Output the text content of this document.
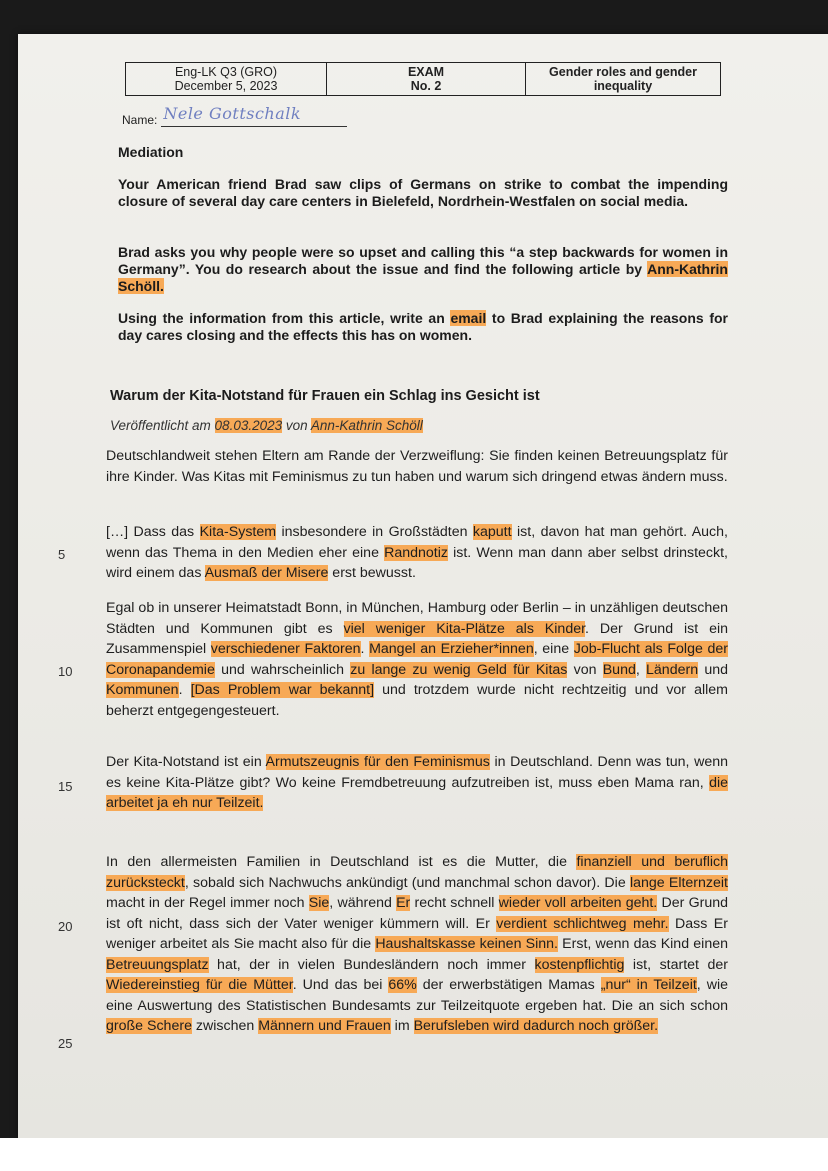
Eng-LK Q3 (GRO)
December 5, 2023
EXAM
No. 2
Gender roles and gender
inequality
Name: Nele Gottschalk
Mediation
Your American friend Brad saw clips of Germans on strike to combat the impending closure of several day care centers in Bielefeld, Nordrhein-Westfalen on social media.
Brad asks you why people were so upset and calling this “a step backwards for women in Germany”. You do research about the issue and find the following article by Ann-Kathrin Schöll.
Using the information from this article, write an email to Brad explaining the reasons for day cares closing and the effects this has on women.
Warum der Kita-Notstand für Frauen ein Schlag ins Gesicht ist
Veröffentlicht am 08.03.2023 von Ann-Kathrin Schöll
Deutschlandweit stehen Eltern am Rande der Verzweiflung: Sie finden keinen Betreuungsplatz für ihre Kinder. Was Kitas mit Feminismus zu tun haben und warum sich dringend etwas ändern muss.
[…] Dass das Kita-System insbesondere in Großstädten kaputt ist, davon hat man gehört. Auch, wenn das Thema in den Medien eher eine Randnotiz ist. Wenn man dann aber selbst drinsteckt, wird einem das Ausmaß der Misere erst bewusst.
Egal ob in unserer Heimatstadt Bonn, in München, Hamburg oder Berlin – in unzähligen deutschen Städten und Kommunen gibt es viel weniger Kita-Plätze als Kinder. Der Grund ist ein Zusammenspiel verschiedener Faktoren. Mangel an Erzieher*innen, eine Job-Flucht als Folge der Coronapandemie und wahrscheinlich zu lange zu wenig Geld für Kitas von Bund, Ländern und Kommunen. [Das Problem war bekannt] und trotzdem wurde nicht rechtzeitig und vor allem beherzt entgegengesteuert.
Der Kita-Notstand ist ein Armutszeugnis für den Feminismus in Deutschland. Denn was tun, wenn es keine Kita-Plätze gibt? Wo keine Fremdbetreuung aufzutreiben ist, muss eben Mama ran, die arbeitet ja eh nur Teilzeit.
In den allermeisten Familien in Deutschland ist es die Mutter, die finanziell und beruflich zurücksteckt, sobald sich Nachwuchs ankündigt (und manchmal schon davor). Die lange Elternzeit macht in der Regel immer noch Sie, während Er recht schnell wieder voll arbeiten geht. Der Grund ist oft nicht, dass sich der Vater weniger kümmern will. Er verdient schlichtweg mehr. Dass Er weniger arbeitet als Sie macht also für die Haushaltskasse keinen Sinn. Erst, wenn das Kind einen Betreuungsplatz hat, der in vielen Bundesländern noch immer kostenpflichtig ist, startet der Wiedereinstieg für die Mütter. Und das bei 66% der erwerbstätigen Mamas „nur“ in Teilzeit, wie eine Auswertung des Statistischen Bundesamts zur Teilzeitquote ergeben hat. Die an sich schon große Schere zwischen Männern und Frauen im Berufsleben wird dadurch noch größer.
5
10
15
20
25
